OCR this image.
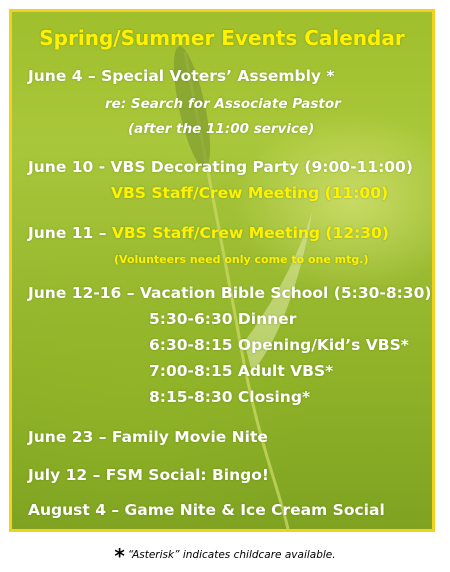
Spring/Summer Events Calendar
June 4 – Special Voters’ Assembly *
re: Search for Associate Pastor
(after the 11:00 service)
June 10 - VBS Decorating Party (9:00-11:00)
VBS Staff/Crew Meeting (11:00)
June 11 – VBS Staff/Crew Meeting (12:30)
(Volunteers need only come to one mtg.)
June 12-16 – Vacation Bible School (5:30-8:30)
5:30-6:30 Dinner
6:30-8:15 Opening/Kid’s VBS*
7:00-8:15 Adult VBS*
8:15-8:30 Closing*
June 23 – Family Movie Nite
July 12 – FSM Social: Bingo!
August 4 – Game Nite & Ice Cream Social
* “Asterisk” indicates childcare available.
